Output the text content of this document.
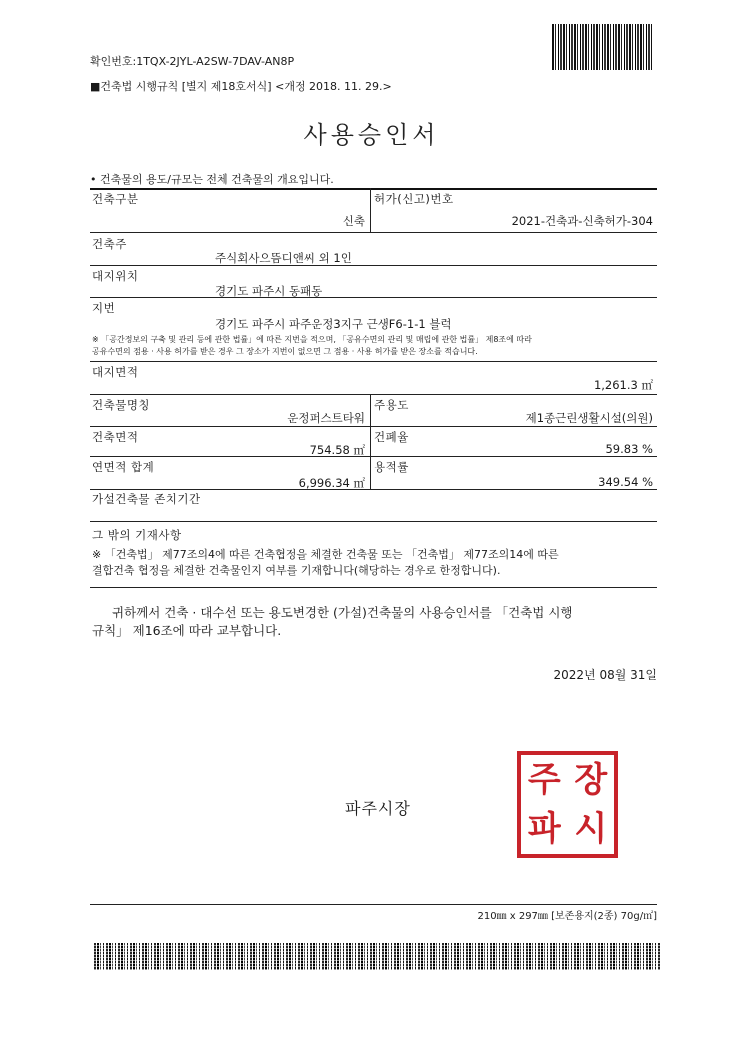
확인번호:1TQX-2JYL-A2SW-7DAV-AN8P
■건축법 시행규칙 [별지 제18호서식] <개정 2018. 11. 29.>
사용승인서
• 건축물의 용도/규모는 전체 건축물의 개요입니다.
건축구분
신축
허가(신고)번호
2021-건축과-신축허가-304
건축주
주식회사으뜸디앤씨 외 1인
대지위치
경기도 파주시 동패동
지번
경기도 파주시 파주운정3지구 근생F6-1-1 블럭
※ 「공간정보의 구축 및 관리 등에 관한 법률」에 따른 지번을 적으며, 「공유수면의 관리 및 매립에 관한 법률」 제8조에 따라
공유수면의 점용 · 사용 허가를 받은 경우 그 장소가 지번이 없으면 그 점용 · 사용 허가를 받은 장소를 적습니다.
대지면적
1,261.3 ㎡
건축물명칭
운정퍼스트타워
주용도
제1종근린생활시설(의원)
건축면적
754.58 ㎡
건폐율
59.83 %
연면적 합계
6,996.34 ㎡
용적률
349.54 %
가설건축물 존치기간
그 밖의 기재사항
※ 「건축법」 제77조의4에 따른 건축협정을 체결한 건축물 또는 「건축법」 제77조의14에 따른
결합건축 협정을 체결한 건축물인지 여부를 기재합니다(해당하는 경우로 한정합니다).
귀하께서 건축 · 대수선 또는 용도변경한 (가설)건축물의 사용승인서를 「건축법 시행
규칙」 제16조에 따라 교부합니다.
2022년 08월 31일
파주시장
주 장
파 시
210㎜ x 297㎜ [보존용지(2종) 70g/㎡]
